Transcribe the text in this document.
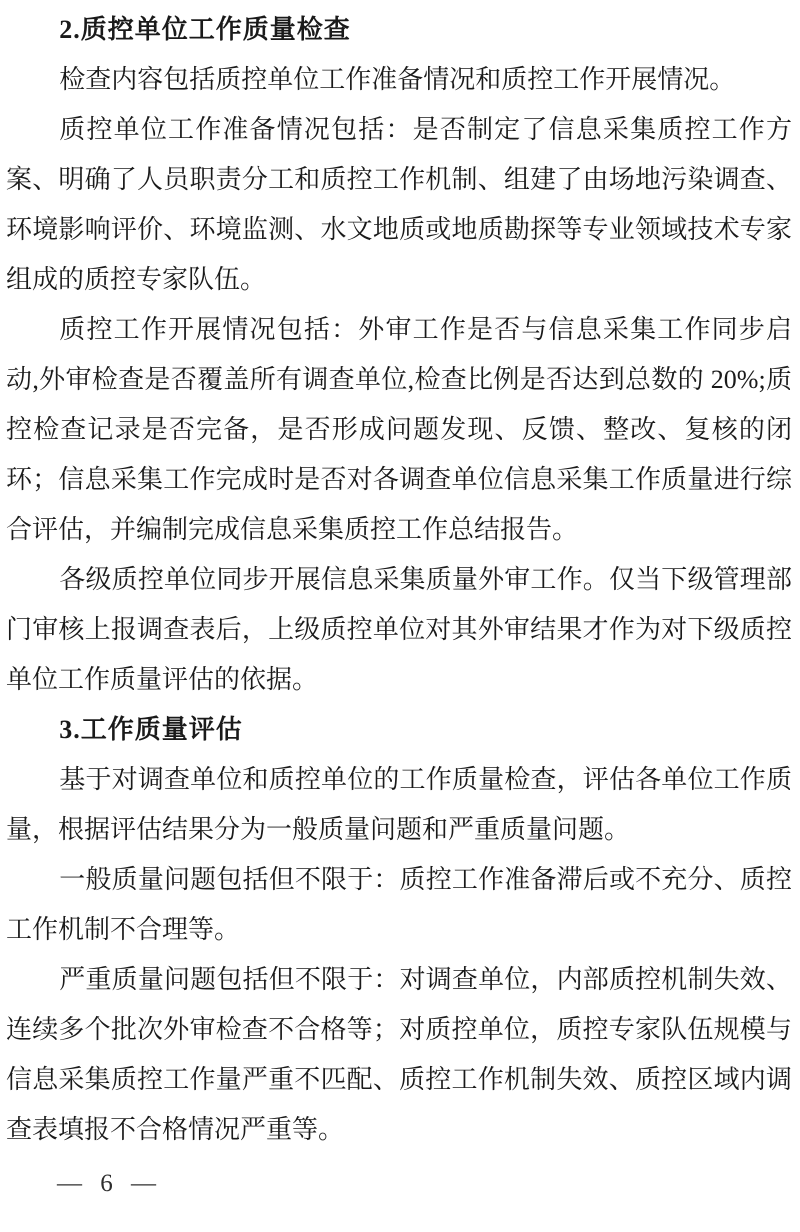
2.质控单位工作质量检查

检查内容包括质控单位工作准备情况和质控工作开展情况。

质控单位工作准备情况包括：是否制定了信息采集质控工作方案、明确了人员职责分工和质控工作机制、组建了由场地污染调查、环境影响评价、环境监测、水文地质或地质勘探等专业领域技术专家组成的质控专家队伍。

质控工作开展情况包括：外审工作是否与信息采集工作同步启动,外审检查是否覆盖所有调查单位,检查比例是否达到总数的 20%;质控检查记录是否完备，是否形成问题发现、反馈、整改、复核的闭环；信息采集工作完成时是否对各调查单位信息采集工作质量进行综合评估，并编制完成信息采集质控工作总结报告。

各级质控单位同步开展信息采集质量外审工作。仅当下级管理部门审核上报调查表后，上级质控单位对其外审结果才作为对下级质控单位工作质量评估的依据。

3.工作质量评估

基于对调查单位和质控单位的工作质量检查，评估各单位工作质量，根据评估结果分为一般质量问题和严重质量问题。

一般质量问题包括但不限于：质控工作准备滞后或不充分、质控工作机制不合理等。

严重质量问题包括但不限于：对调查单位，内部质控机制失效、连续多个批次外审检查不合格等；对质控单位，质控专家队伍规模与信息采集质控工作量严重不匹配、质控工作机制失效、质控区域内调查表填报不合格情况严重等。

— 6 —
